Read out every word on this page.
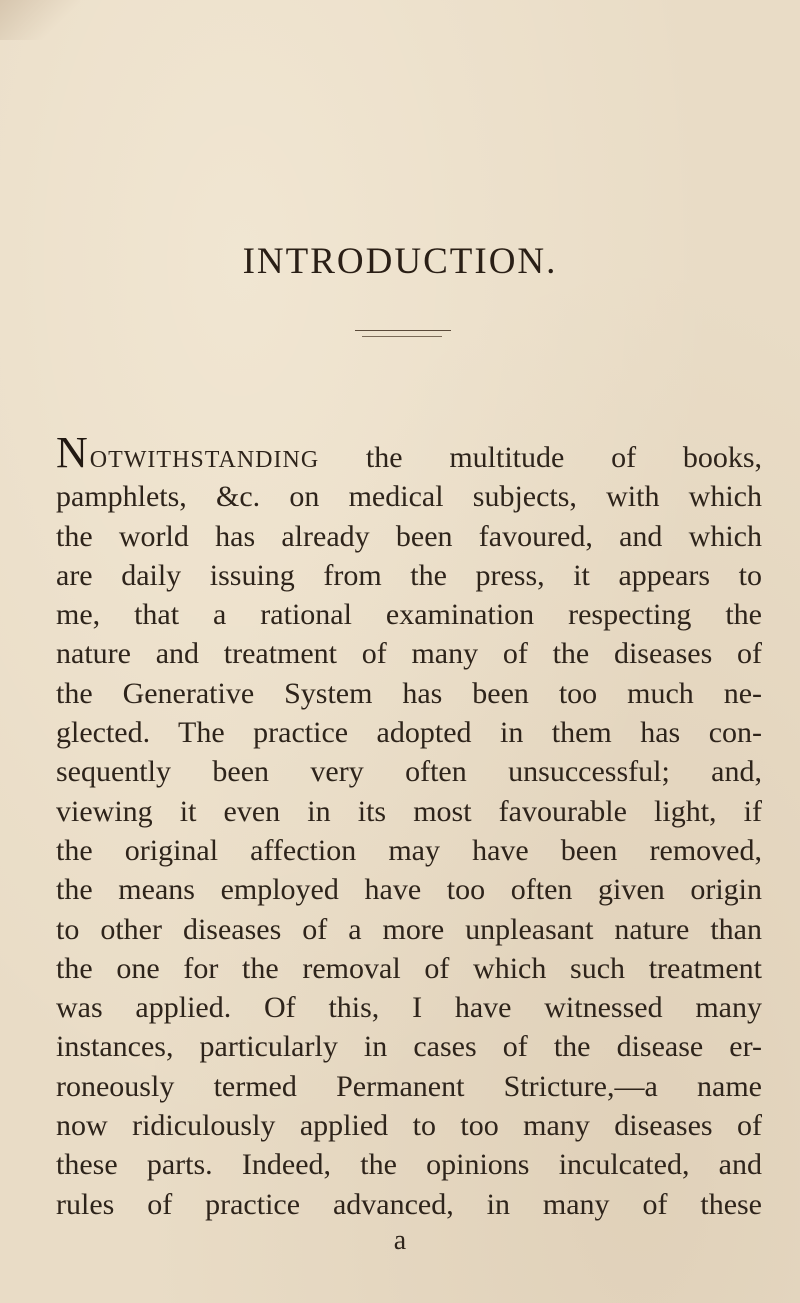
INTRODUCTION.
NOTWITHSTANDING the multitude of books,
pamphlets, &c. on medical subjects, with which
the world has already been favoured, and which
are daily issuing from the press, it appears to
me, that a rational examination respecting the
nature and treatment of many of the diseases of
the Generative System has been too much ne-
glected. The practice adopted in them has con-
sequently been very often unsuccessful; and,
viewing it even in its most favourable light, if
the original affection may have been removed,
the means employed have too often given origin
to other diseases of a more unpleasant nature than
the one for the removal of which such treatment
was applied. Of this, I have witnessed many
instances, particularly in cases of the disease er-
roneously termed Permanent Stricture,—a name
now ridiculously applied to too many diseases of
these parts. Indeed, the opinions inculcated, and
rules of practice advanced, in many of these
a
